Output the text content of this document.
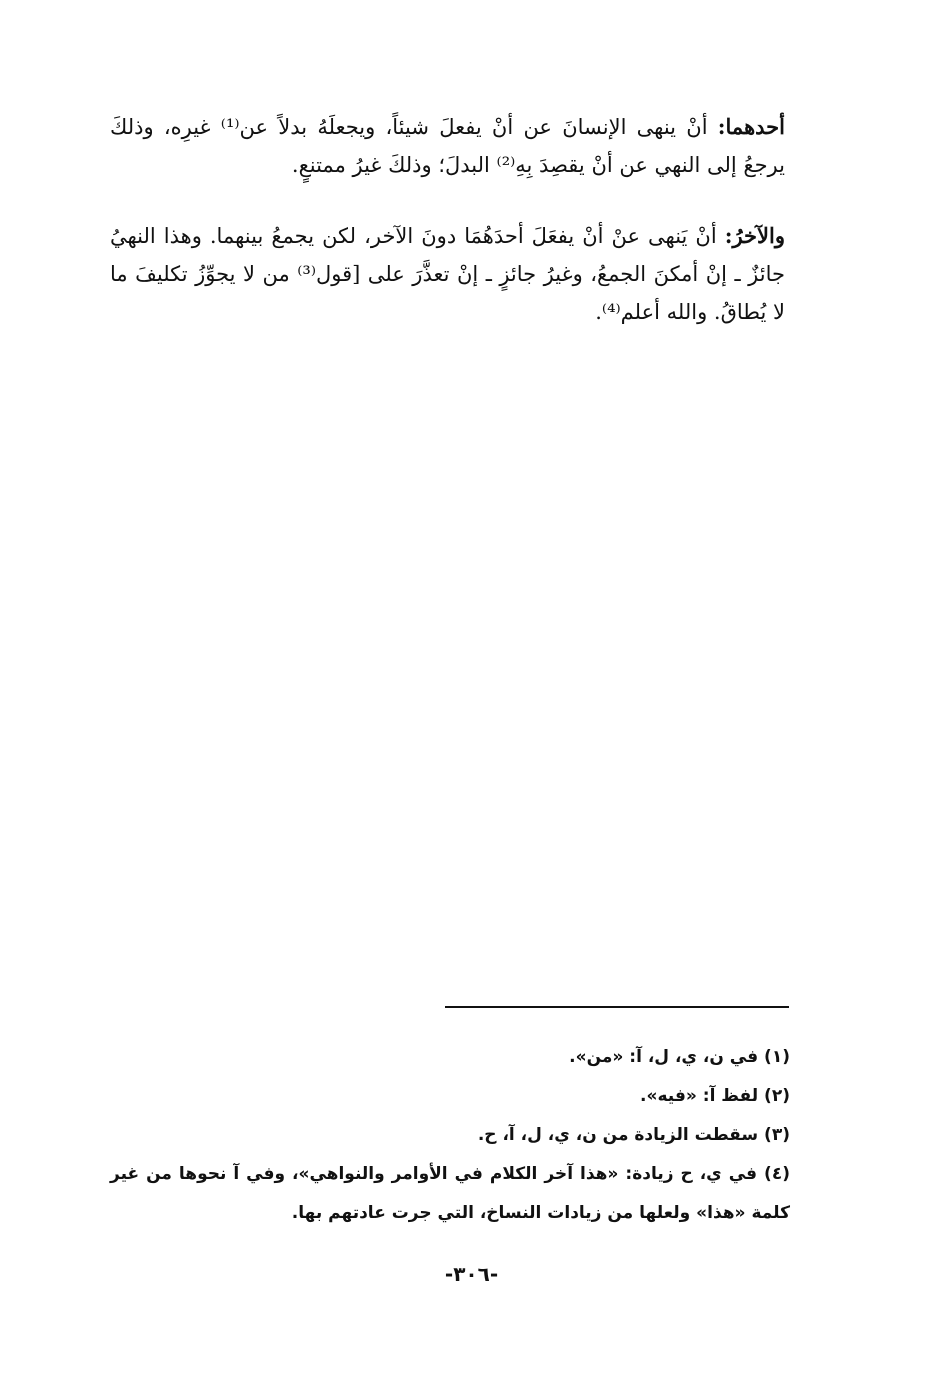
أحدهما: أنْ ينهى الإنسانَ عن أنْ يفعلَ شيئاً، ويجعلَهُ بدلاً عن⁽¹⁾ غيرِه، وذلكَ يرجعُ إلى النهي عن أنْ يقصِدَ بِهِ⁽²⁾ البدلَ؛ وذلكَ غيرُ ممتنعٍ.

والآخرُ: أنْ يَنهى عنْ أنْ يفعَلَ أحدَهُمَا دونَ الآخر، لكن يجمعُ بينهما. وهذا النهيُ جائزٌ ـ إنْ أمكنَ الجمعُ، وغيرُ جائزٍ ـ إنْ تعذَّرَ على [قول⁽³⁾ من لا يجوِّزُ تكليفَ ما لا يُطاقُ. والله أعلم⁽⁴⁾.

(١) في ن، ي، ل، آ: «من».

(٢) لفظ آ: «فيه».

(٣) سقطت الزيادة من ن، ي، ل، آ، ح.

(٤) في ي، ح زيادة: «هذا آخر الكلام في الأوامر والنواهي»، وفي آ نحوها من غير كلمة «هذا» ولعلها من زيادات النساخ، التي جرت عادتهم بها.

-٣٠٦-
